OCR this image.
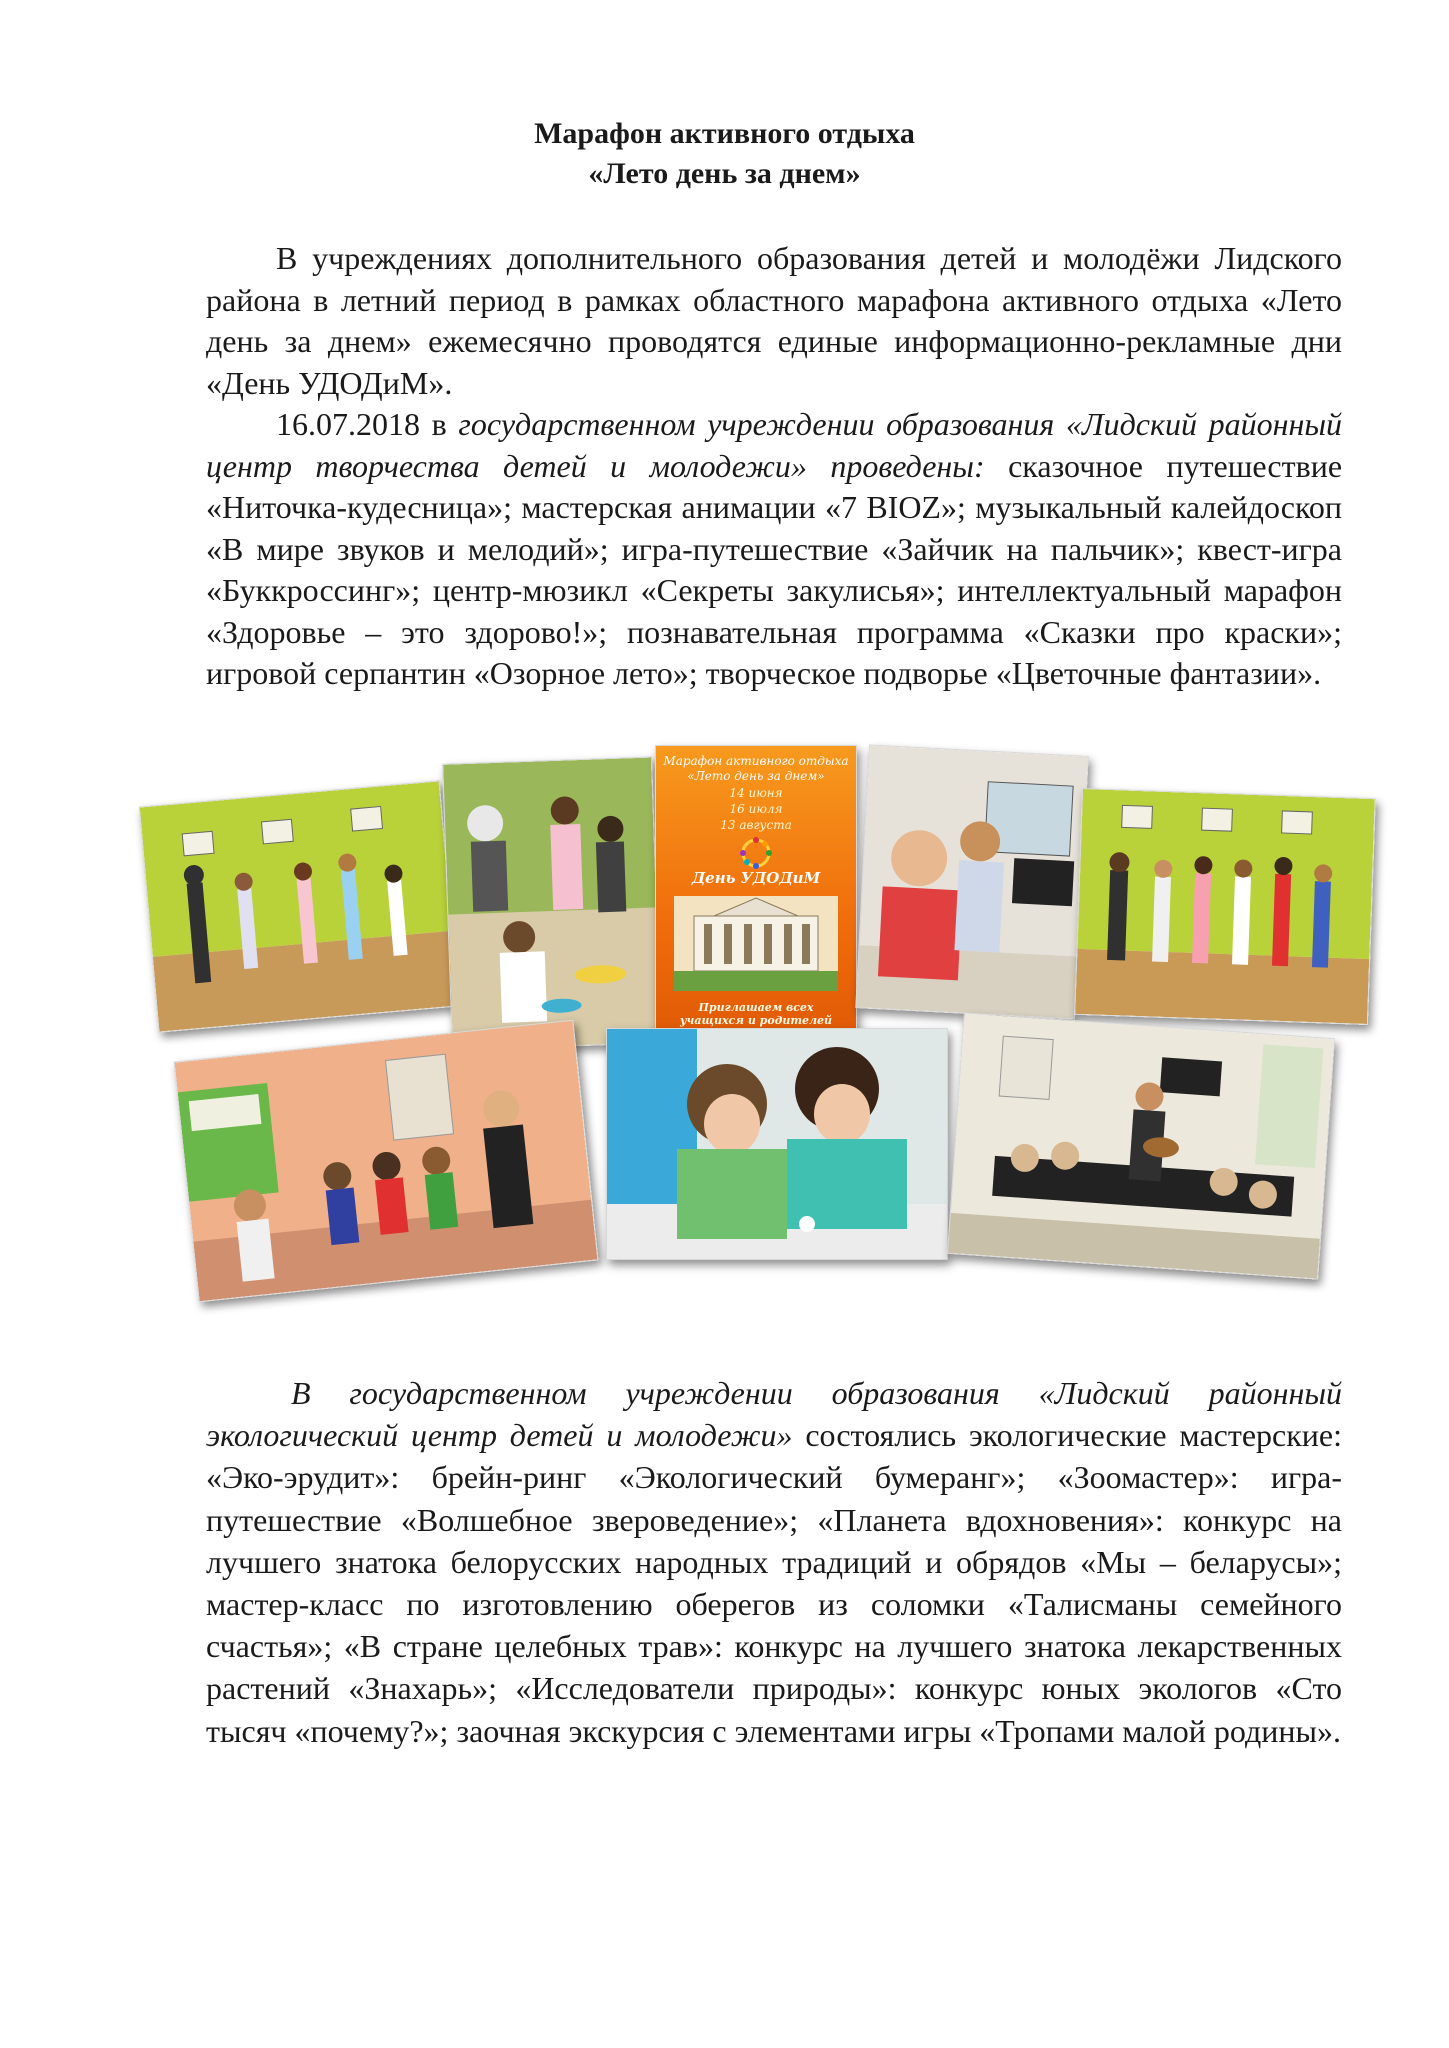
Марафон активного отдыха
«Лето день за днем»

В учреждениях дополнительного образования детей и молодёжи Лидского района в летний период в рамках областного марафона активного отдыха «Лето день за днем» ежемесячно проводятся единые информационно-рекламные дни «День УДОДиМ».

16.07.2018 в государственном учреждении образования «Лидский районный центр творчества детей и молодежи» проведены: сказочное путешествие «Ниточка-кудесница»; мастерская анимации «7 BIOZ»; музыкальный калейдоскоп «В мире звуков и мелодий»; игра-путешествие «Зайчик на пальчик»; квест-игра «Буккроссинг»; центр-мюзикл «Секреты закулисья»; интеллектуальный марафон «Здоровье – это здорово!»; познавательная программа «Сказки про краски»; игровой серпантин «Озорное лето»; творческое подворье «Цветочные фантазии».

Марафон активного отдыха
«Лето день за днем»
14 июня
16 июля
13 августа
День УДОДиМ
Приглашаем всех
учащихся и родителей

В государственном учреждении образования «Лидский районный экологический центр детей и молодежи» состоялись экологические мастерские: «Эко-эрудит»: брейн-ринг «Экологический бумеранг»; «Зоомастер»: игра-путешествие «Волшебное звероведение»; «Планета вдохновения»: конкурс на лучшего знатока белорусских народных традиций и обрядов «Мы – беларусы»; мастер-класс по изготовлению оберегов из соломки «Талисманы семейного счастья»; «В стране целебных трав»: конкурс на лучшего знатока лекарственных растений «Знахарь»; «Исследователи природы»: конкурс юных экологов «Сто тысяч «почему?»; заочная экскурсия с элементами игры «Тропами малой родины».
